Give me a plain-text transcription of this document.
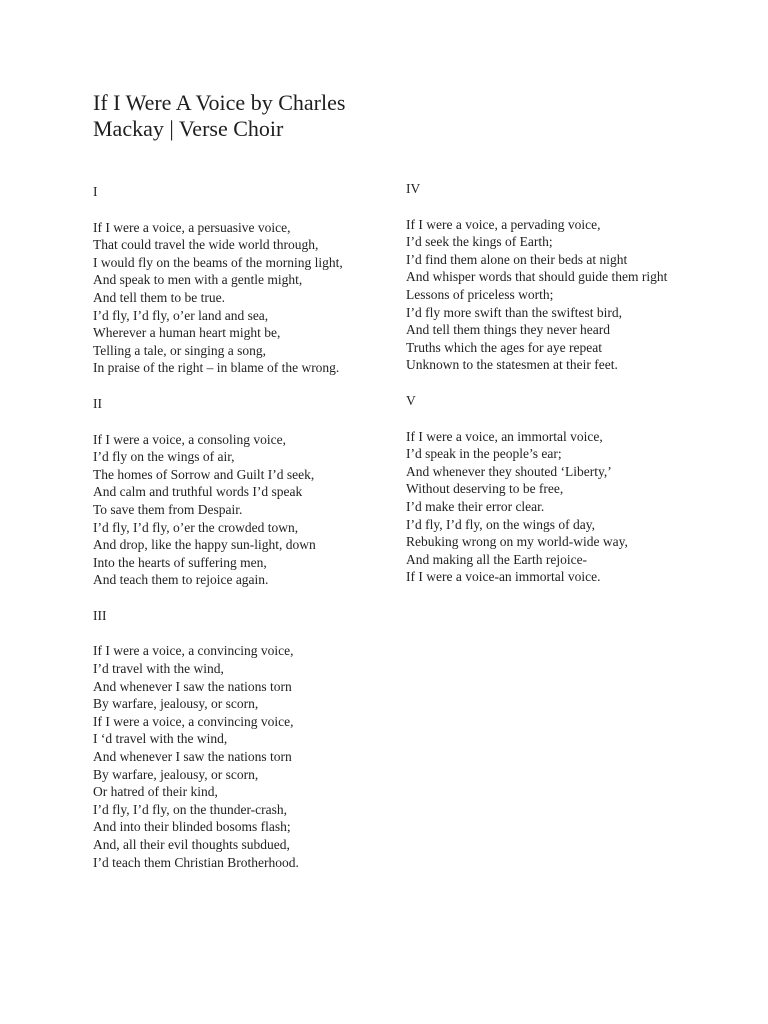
If I Were A Voice by Charles Mackay | Verse Choir
I
If I were a voice, a persuasive voice,
That could travel the wide world through,
I would fly on the beams of the morning light,
And speak to men with a gentle might,
And tell them to be true.
I’d fly, I’d fly, o’er land and sea,
Wherever a human heart might be,
Telling a tale, or singing a song,
In praise of the right – in blame of the wrong.
II
If I were a voice, a consoling voice,
I’d fly on the wings of air,
The homes of Sorrow and Guilt I’d seek,
And calm and truthful words I’d speak
To save them from Despair.
I’d fly, I’d fly, o’er the crowded town,
And drop, like the happy sun-light, down
Into the hearts of suffering men,
And teach them to rejoice again.
III
If I were a voice, a convincing voice,
I’d travel with the wind,
And whenever I saw the nations torn
By warfare, jealousy, or scorn,
If I were a voice, a convincing voice,
I ‘d travel with the wind,
And whenever I saw the nations torn
By warfare, jealousy, or scorn,
Or hatred of their kind,
I’d fly, I’d fly, on the thunder-crash,
And into their blinded bosoms flash;
And, all their evil thoughts subdued,
I’d teach them Christian Brotherhood.
IV
If I were a voice, a pervading voice,
I’d seek the kings of Earth;
I’d find them alone on their beds at night
And whisper words that should guide them right
Lessons of priceless worth;
I’d fly more swift than the swiftest bird,
And tell them things they never heard
Truths which the ages for aye repeat
Unknown to the statesmen at their feet.
V
If I were a voice, an immortal voice,
I’d speak in the people’s ear;
And whenever they shouted ‘Liberty,’
Without deserving to be free,
I’d make their error clear.
I’d fly, I’d fly, on the wings of day,
Rebuking wrong on my world-wide way,
And making all the Earth rejoice-
If I were a voice-an immortal voice.
